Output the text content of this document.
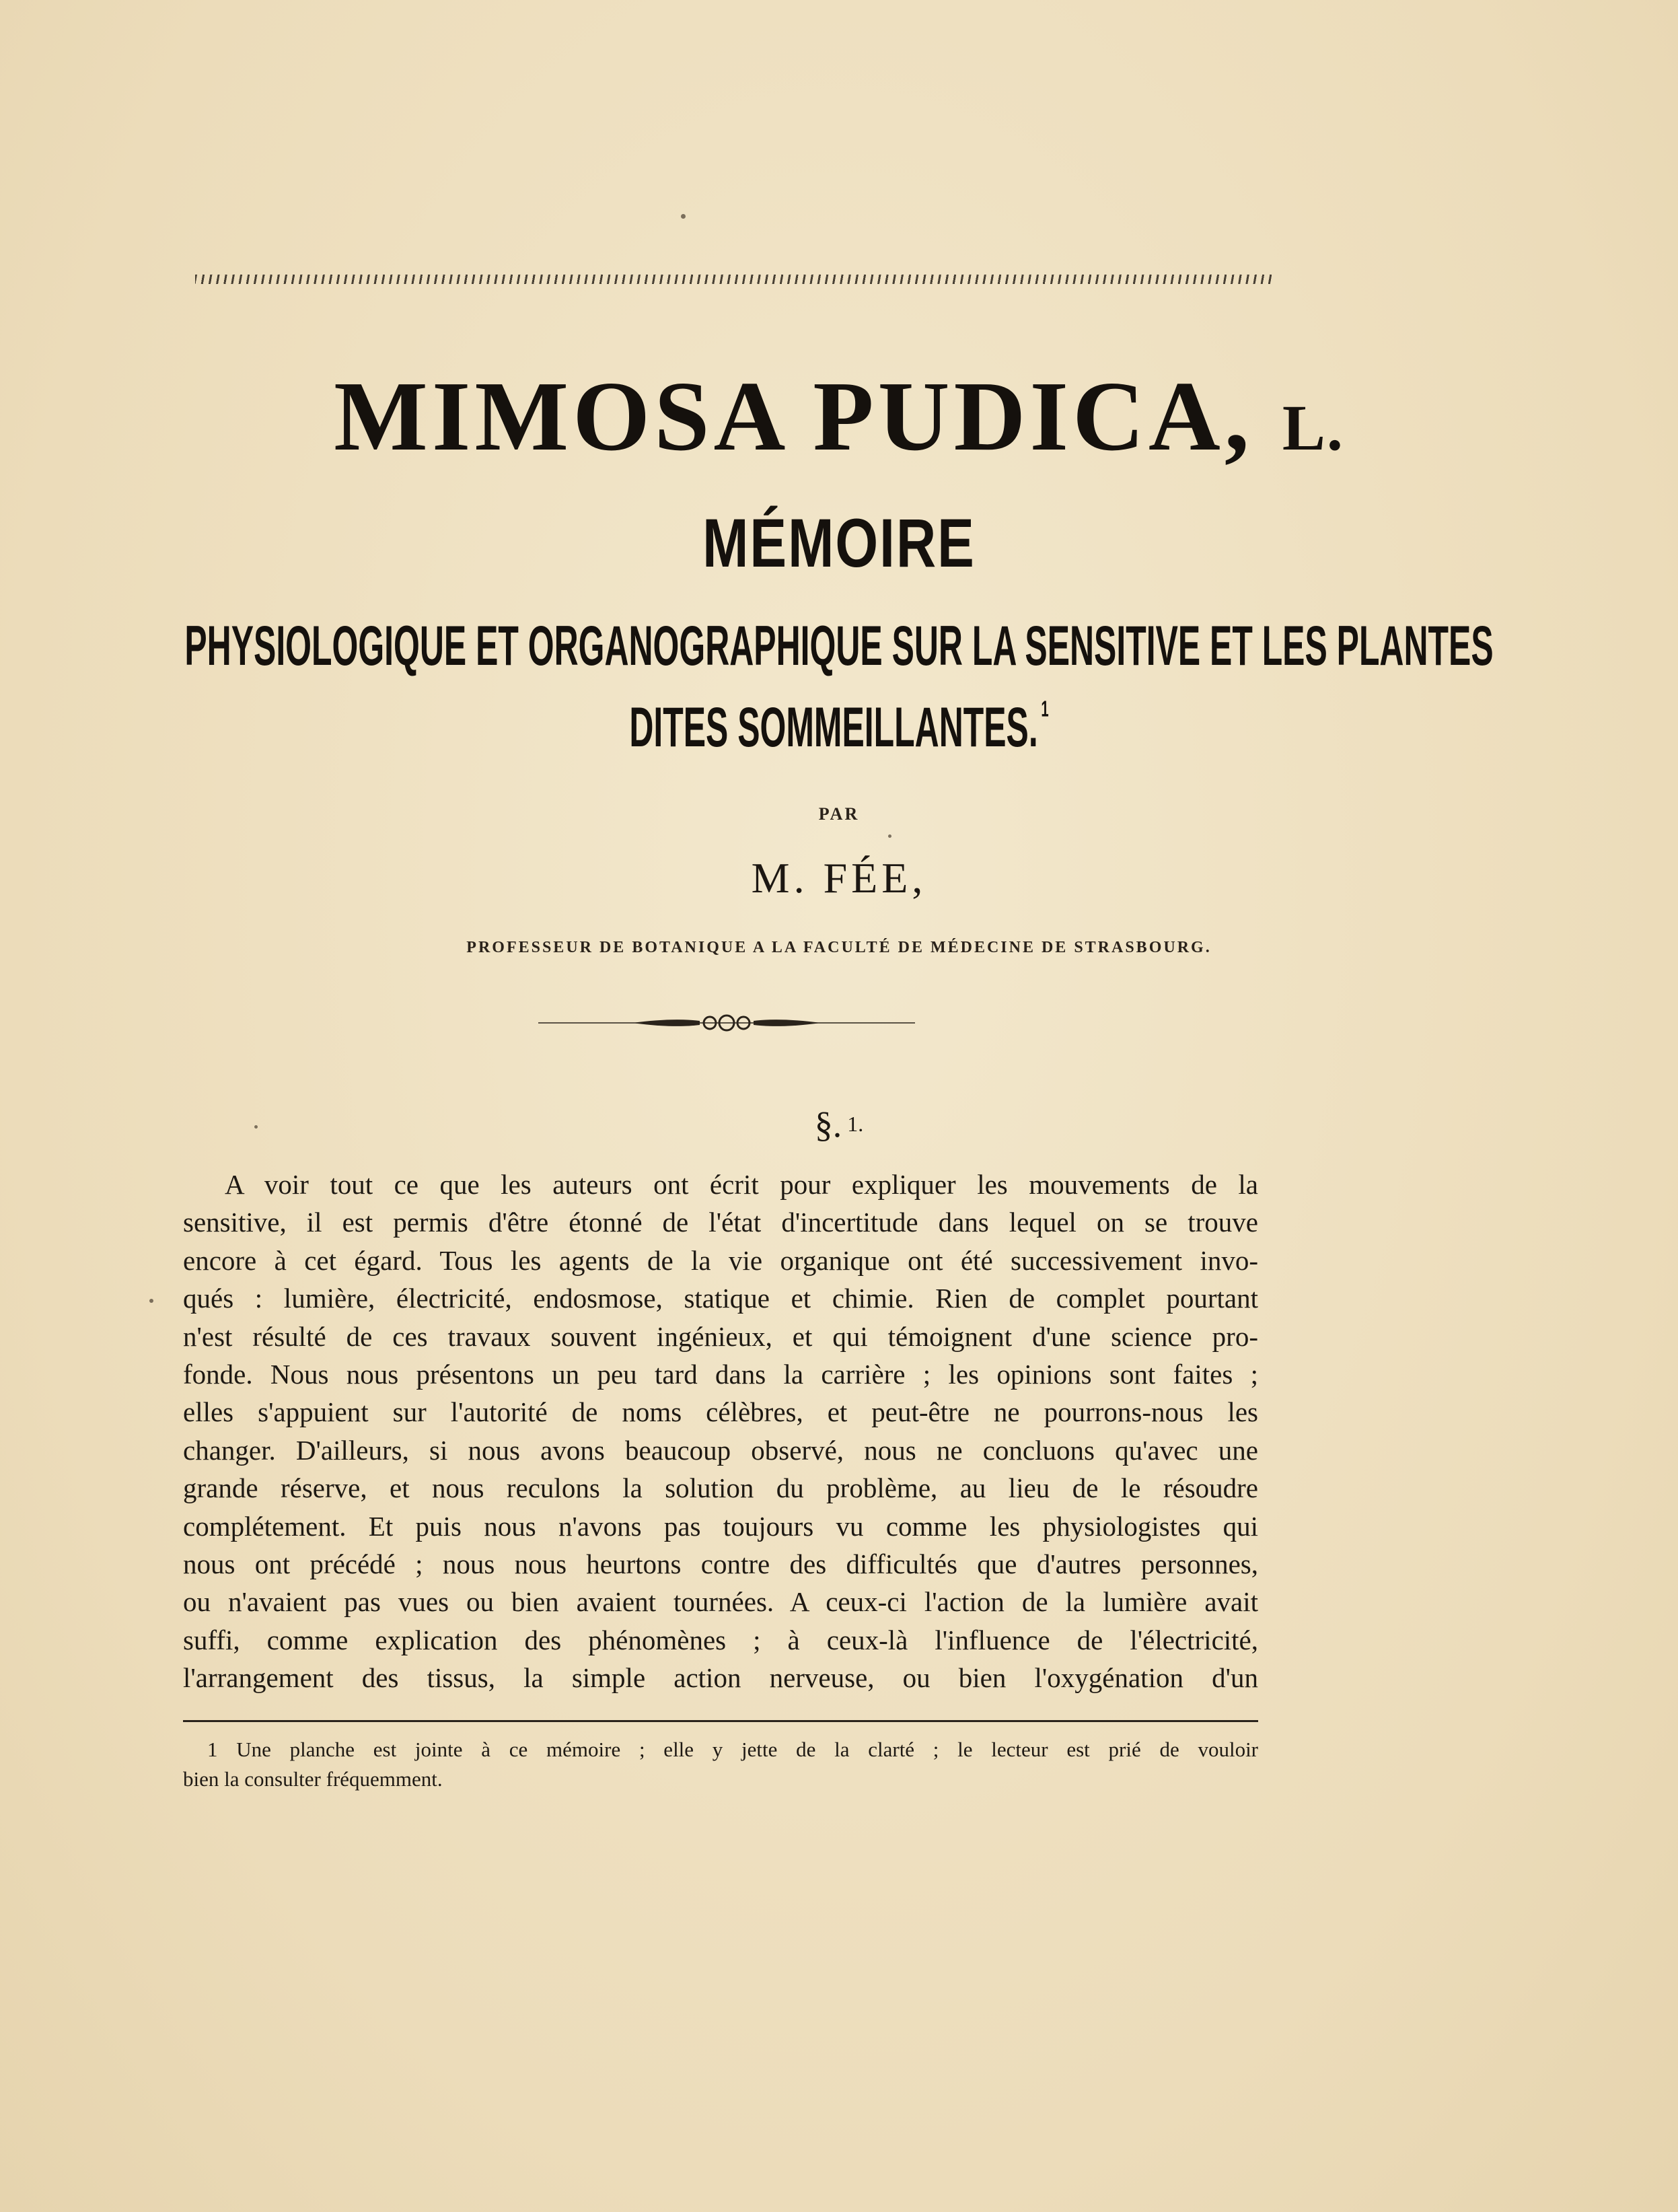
MIMOSA PUDICA, L.
MÉMOIRE
PHYSIOLOGIQUE ET ORGANOGRAPHIQUE SUR LA SENSITIVE ET LES PLANTES
DITES SOMMEILLANTES. $^1$
PAR
M. FÉE,
PROFESSEUR DE BOTANIQUE A LA FACULTÉ DE MÉDECINE DE STRASBOURG.
§. 1.
A voir tout ce que les auteurs ont écrit pour expliquer les mouvements de la
sensitive, il est permis d'être étonné de l'état d'incertitude dans lequel on se trouve
encore à cet égard. Tous les agents de la vie organique ont été successivement invo-
qués : lumière, électricité, endosmose, statique et chimie. Rien de complet pourtant
n'est résulté de ces travaux souvent ingénieux, et qui témoignent d'une science pro-
fonde. Nous nous présentons un peu tard dans la carrière ; les opinions sont faites ;
elles s'appuient sur l'autorité de noms célèbres, et peut-être ne pourrons-nous les
changer. D'ailleurs, si nous avons beaucoup observé, nous ne concluons qu'avec une
grande réserve, et nous reculons la solution du problème, au lieu de le résoudre
complétement. Et puis nous n'avons pas toujours vu comme les physiologistes qui
nous ont précédé ; nous nous heurtons contre des difficultés que d'autres personnes,
ou n'avaient pas vues ou bien avaient tournées. A ceux-ci l'action de la lumière avait
suffi, comme explication des phénomènes ; à ceux-là l'influence de l'électricité,
l'arrangement des tissus, la simple action nerveuse, ou bien l'oxygénation d'un
1 Une planche est jointe à ce mémoire ; elle y jette de la clarté ; le lecteur est prié de vouloir
bien la consulter fréquemment.
